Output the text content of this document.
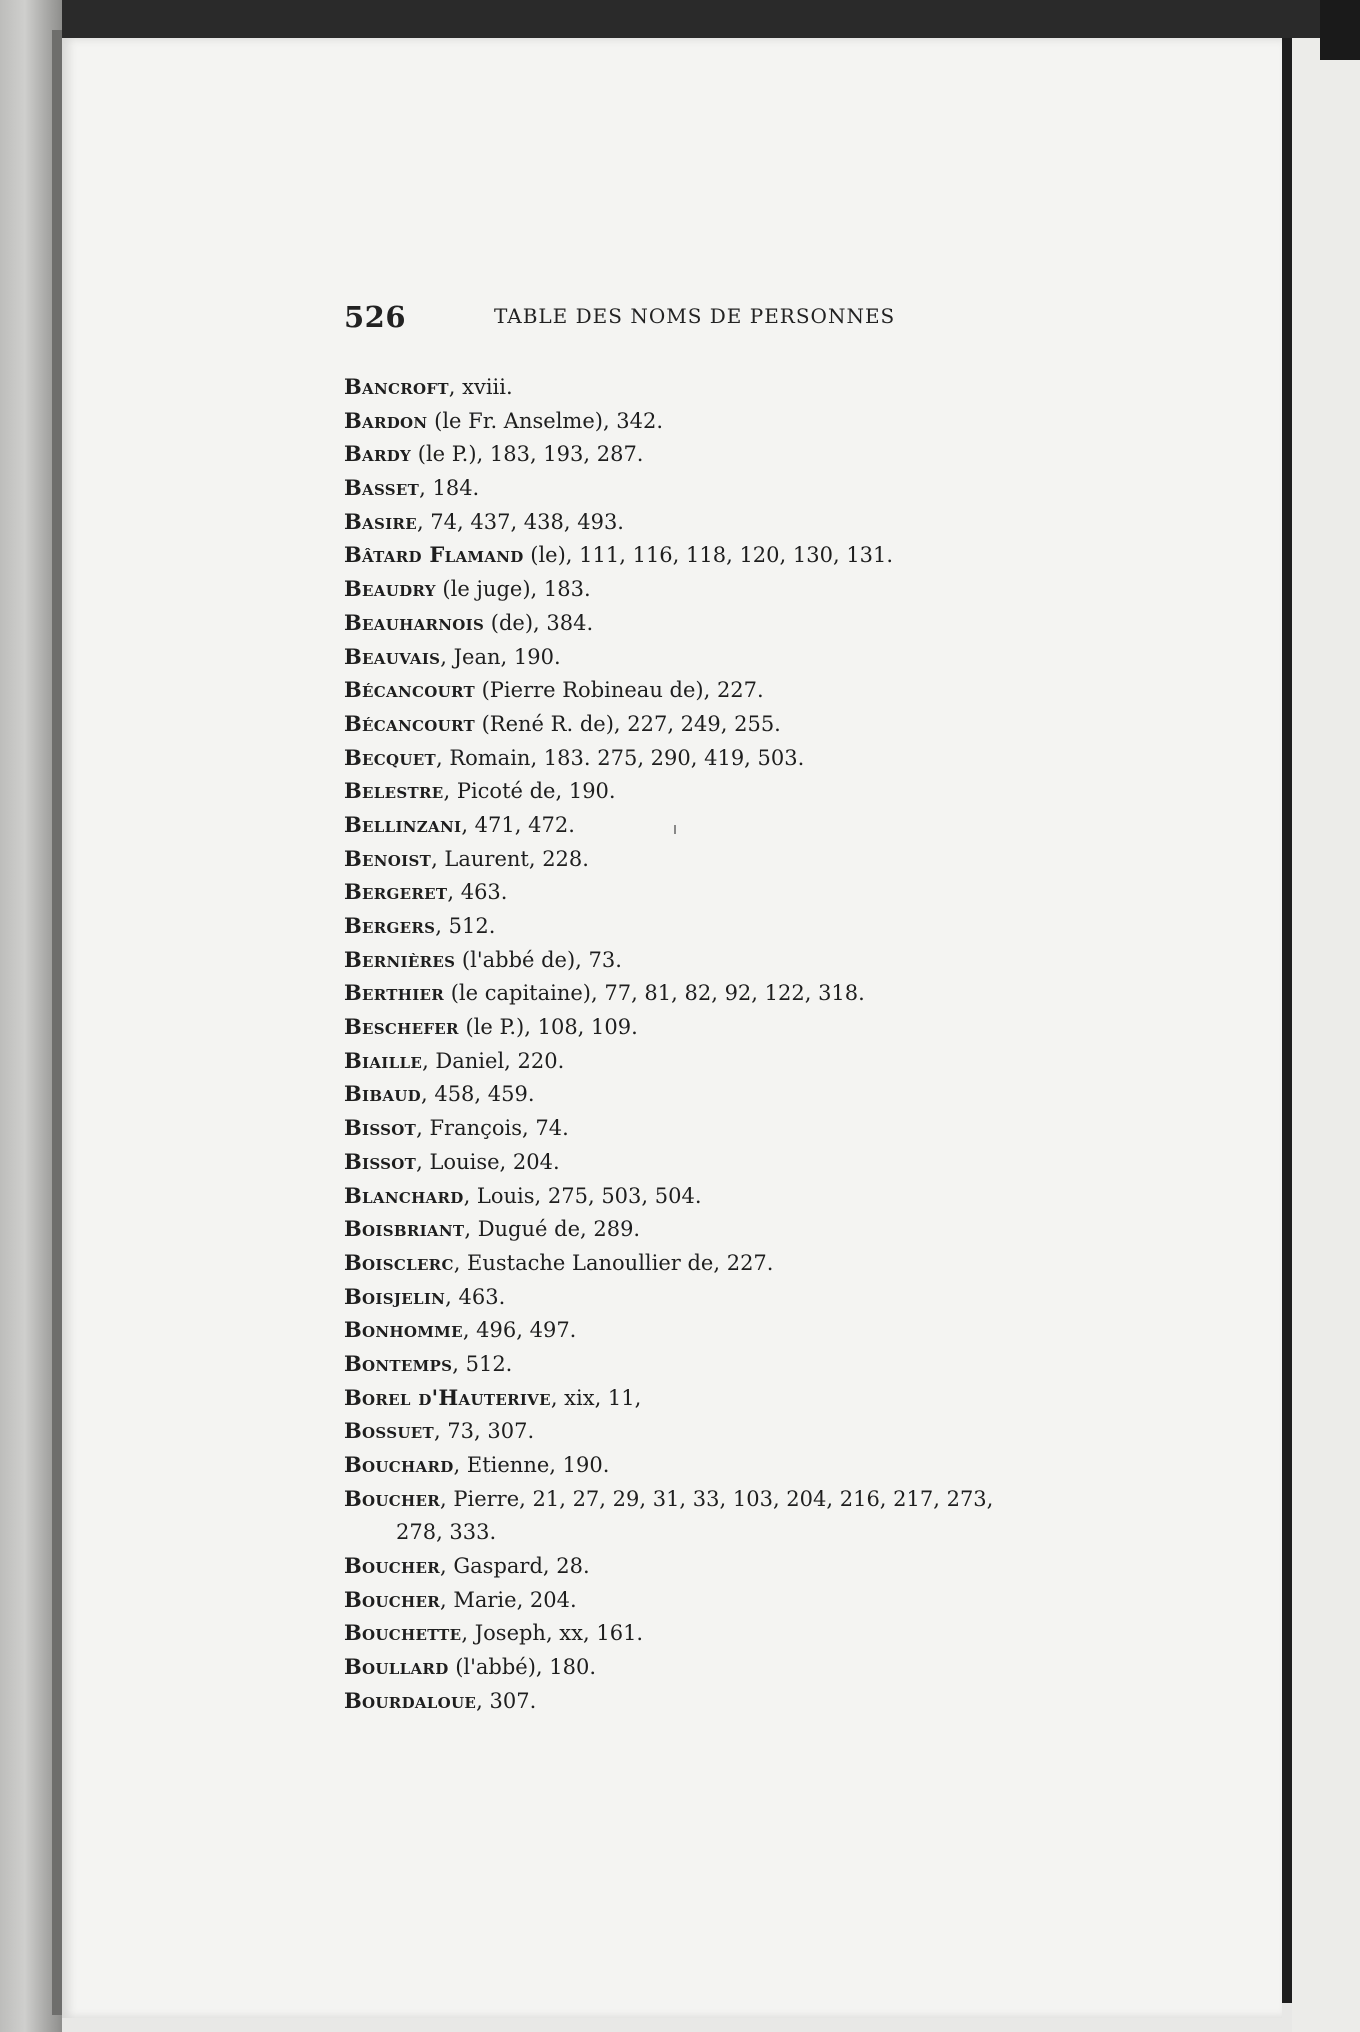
526	TABLE DES NOMS DE PERSONNES
Bancroft, xviii.
Bardon (le Fr. Anselme), 342.
Bardy (le P.), 183, 193, 287.
Basset, 184.
Basire, 74, 437, 438, 493.
Bâtard Flamand (le), 111, 116, 118, 120, 130, 131.
Beaudry (le juge), 183.
Beauharnois (de), 384.
Beauvais, Jean, 190.
Bécancourt (Pierre Robineau de), 227.
Bécancourt (René R. de), 227, 249, 255.
Becquet, Romain, 183. 275, 290, 419, 503.
Belestre, Picoté de, 190.
Bellinzani, 471, 472.
Benoist, Laurent, 228.
Bergeret, 463.
Bergers, 512.
Bernières (l'abbé de), 73.
Berthier (le capitaine), 77, 81, 82, 92, 122, 318.
Beschefer (le P.), 108, 109.
Biaille, Daniel, 220.
Bibaud, 458, 459.
Bissot, François, 74.
Bissot, Louise, 204.
Blanchard, Louis, 275, 503, 504.
Boisbriant, Dugué de, 289.
Boisclerc, Eustache Lanoullier de, 227.
Boisjelin, 463.
Bonhomme, 496, 497.
Bontemps, 512.
Borel d'Hauterive, xix, 11,
Bossuet, 73, 307.
Bouchard, Etienne, 190.
Boucher, Pierre, 21, 27, 29, 31, 33, 103, 204, 216, 217, 273,
278, 333.
Boucher, Gaspard, 28.
Boucher, Marie, 204.
Bouchette, Joseph, xx, 161.
Boullard (l'abbé), 180.
Bourdaloue, 307.
